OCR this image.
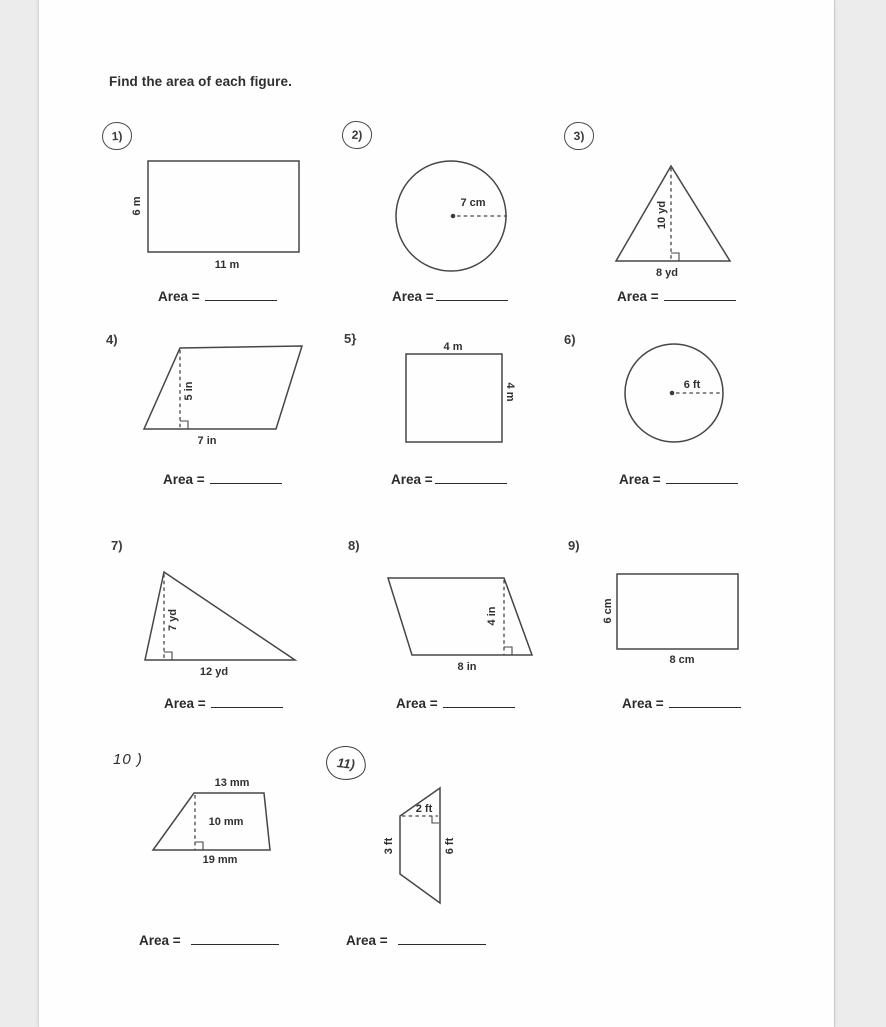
Find the area of each figure.
1)
6 m
11 m
Area =
2)
7 cm
Area =
3)
10 yd
8 yd
Area =
4)
5 in
7 in
Area =
5}
4 m
4 m
Area =
6)
6 ft
Area =
7)
7 yd
12 yd
Area =
8)
4 in
8 in
Area =
9)
6 cm
8 cm
Area =
10 )
13 mm
10 mm
19 mm
Area =
11)
2 ft
3 ft	6 ft
Area =
